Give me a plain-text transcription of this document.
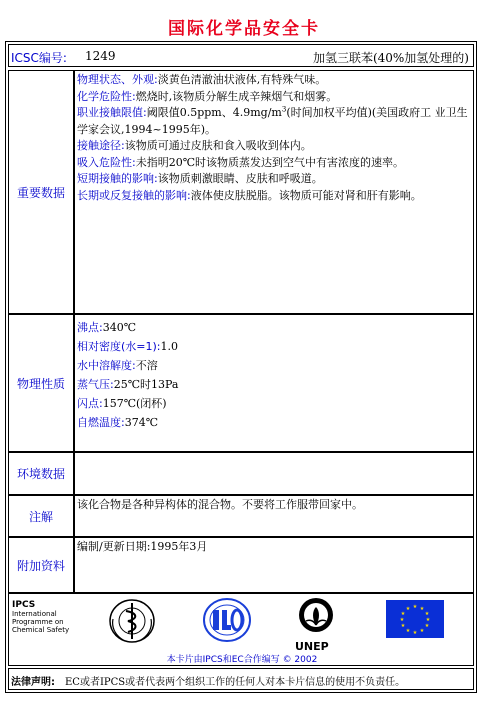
国际化学品安全卡
ICSC编号: 1249	加氢三联苯(40%加氢处理的)
重要数据
物理状态、外观:淡黄色清澈油状液体,有特殊气味。
化学危险性:燃烧时,该物质分解生成辛辣烟气和烟雾。
职业接触限值:阈限值0.5ppm、$4.9mg/m^3$(时间加权平均值)(美国政府工 业卫生学家会议,1994~1995年)。
接触途径:该物质可通过皮肤和食入吸收到体内。
吸入危险性:未指明20℃时该物质蒸发达到空气中有害浓度的速率。
短期接触的影响:该物质刺激眼睛、皮肤和呼吸道。
长期或反复接触的影响:液体使皮肤脱脂。该物质可能对肾和肝有影响。
物理性质
沸点:340℃
相对密度(水=1):1.0
水中溶解度:不溶
蒸气压:25℃时13Pa
闪点:157℃(闭杯)
自燃温度:374℃
环境数据
注解
该化合物是各种异构体的混合物。不要将工作服带回家中。
附加资料
编制/更新日期:1995年3月
IPCS
International
Programme on
Chemical Safety
UNEP
★ ★
★
★
★
★
★
★
★
★
★
★
本卡片由IPCS和EC合作编写 © 2002
法律声明: EC或者IPCS或者代表两个组织工作的任何人对本卡片信息的使用不负责任。
